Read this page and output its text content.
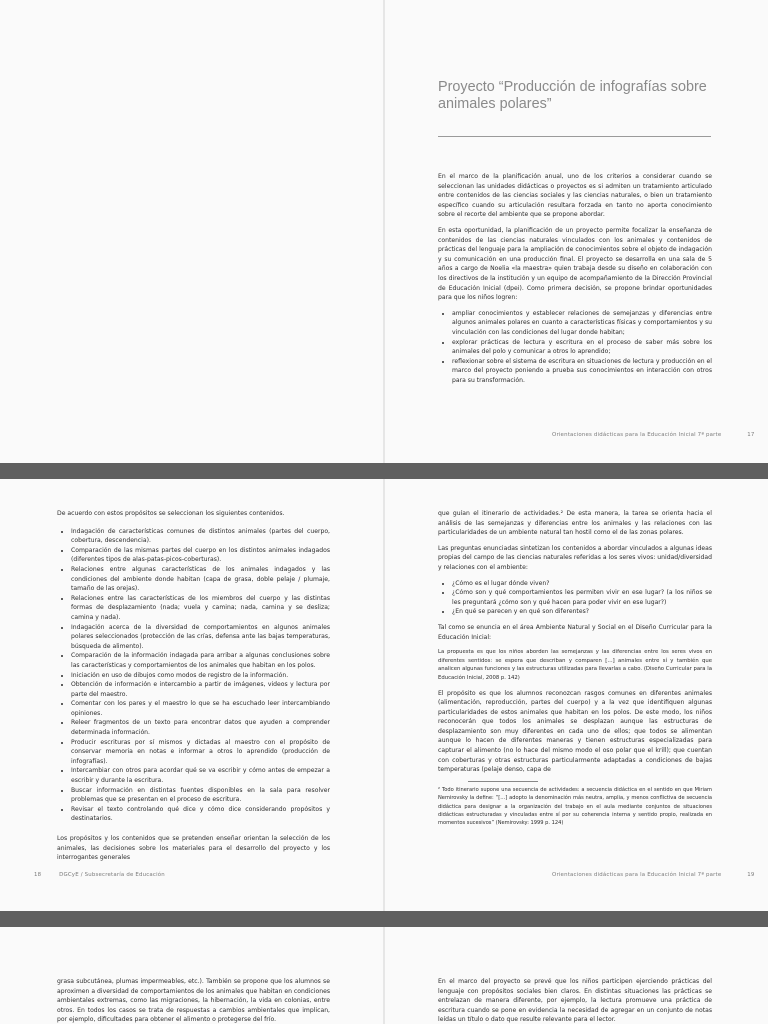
Proyecto “Producción de infografías sobre animales polares”

En el marco de la planificación anual, uno de los criterios a considerar cuando se seleccionan las unidades didácticas o proyectos es si admiten un tratamiento articulado entre contenidos de las ciencias sociales y las ciencias naturales, o bien un tratamiento específico cuando su articulación resultara forzada en tanto no aporta conocimiento sobre el recorte del ambiente que se propone abordar.

En esta oportunidad, la planificación de un proyecto permite focalizar la enseñanza de contenidos de las ciencias naturales vinculados con los animales y contenidos de prácticas del lenguaje para la ampliación de conocimientos sobre el objeto de indagación y su comunicación en una producción final. El proyecto se desarrolla en una sala de 5 años a cargo de Noelia «la maestra» quien trabaja desde su diseño en colaboración con los directivos de la institución y un equipo de acompañamiento de la Dirección Provincial de Educación Inicial (dpei). Como primera decisión, se propone brindar oportunidades para que los niños logren:

• ampliar conocimientos y establecer relaciones de semejanzas y diferencias entre algunos animales polares en cuanto a características físicas y comportamientos y su vinculación con las condiciones del lugar donde habitan;
• explorar prácticas de lectura y escritura en el proceso de saber más sobre los animales del polo y comunicar a otros lo aprendido;
• reflexionar sobre el sistema de escritura en situaciones de lectura y producción en el marco del proyecto poniendo a prueba sus conocimientos en interacción con otros para su transformación.
Orientaciones didácticas para la Educación Inicial 7ª parte	17

De acuerdo con estos propósitos se seleccionan los siguientes contenidos.

• Indagación de características comunes de distintos animales (partes del cuerpo, cobertura, descendencia).
• Comparación de las mismas partes del cuerpo en los distintos animales indagados (diferentes tipos de alas-patas-picos-coberturas).
• Relaciones entre algunas características de los animales indagados y las condiciones del ambiente donde habitan (capa de grasa, doble pelaje / plumaje, tamaño de las orejas).
• Relaciones entre las características de los miembros del cuerpo y las distintas formas de desplazamiento (nada; vuela y camina; nada, camina y se desliza; camina y nada).
• Indagación acerca de la diversidad de comportamientos en algunos animales polares seleccionados (protección de las crías, defensa ante las bajas temperaturas, búsqueda de alimento).
• Comparación de la información indagada para arribar a algunas conclusiones sobre las características y comportamientos de los animales que habitan en los polos.
• Iniciación en uso de dibujos como modos de registro de la información.
• Obtención de información e intercambio a partir de imágenes, videos y lectura por parte del maestro.
• Comentar con los pares y el maestro lo que se ha escuchado leer intercambiando opiniones.
• Releer fragmentos de un texto para encontrar datos que ayuden a comprender determinada información.
• Producir escrituras por sí mismos y dictadas al maestro con el propósito de conservar memoria en notas e informar a otros lo aprendido (producción de infografías).
• Intercambiar con otros para acordar qué se va escribir y cómo antes de empezar a escribir y durante la escritura.
• Buscar información en distintas fuentes disponibles en la sala para resolver problemas que se presentan en el proceso de escritura.
• Revisar el texto controlando qué dice y cómo dice considerando propósitos y destinatarios.

Los propósitos y los contenidos que se pretenden enseñar orientan la selección de los animales, las decisiones sobre los materiales para el desarrollo del proyecto y los interrogantes generales

18	DGCyE / Subsecretaría de Educación

que guían el itinerario de actividades.² De esta manera, la tarea se orienta hacia el análisis de las semejanzas y diferencias entre los animales y las relaciones con las particularidades de un ambiente natural tan hostil como el de las zonas polares.

Las preguntas enunciadas sintetizan los contenidos a abordar vinculados a algunas ideas propias del campo de las ciencias naturales referidas a los seres vivos: unidad/diversidad y relaciones con el ambiente:

• ¿Cómo es el lugar dónde viven?
• ¿Cómo son y qué comportamientos les permiten vivir en ese lugar? (a los niños se les preguntará ¿cómo son y qué hacen para poder vivir en ese lugar?)
• ¿En qué se parecen y en qué son diferentes?

Tal como se enuncia en el área Ambiente Natural y Social en el Diseño Curricular para la Educación Inicial:

La propuesta es que los niños aborden las semejanzas y las diferencias entre los seres vivos en diferentes sentidos: se espera que describan y comparen […] animales entre sí y también que analicen algunas funciones y las estructuras utilizadas para llevarlas a cabo. (Diseño Curricular para la Educación Inicial, 2008 p. 142)

El propósito es que los alumnos reconozcan rasgos comunes en diferentes animales (alimentación, reproducción, partes del cuerpo) y a la vez que identifiquen algunas particularidades de estos animales que habitan en los polos. De este modo, los niños reconocerán que todos los animales se desplazan aunque las estructuras de desplazamiento son muy diferentes en cada uno de ellos; que todos se alimentan aunque lo hacen de diferentes maneras y tienen estructuras especializadas para capturar el alimento (no lo hace del mismo modo el oso polar que el krill); que cuentan con coberturas y otras estructuras particularmente adaptadas a condiciones de bajas temperaturas (pelaje denso, capa de

² Todo itinerario supone una secuencia de actividades: a secuencia didáctica en el sentido en que Miriam Nemirovsky la define: “[…] adopto la denominación más neutra, amplia, y menos conflictiva de secuencia didáctica para designar a la organización del trabajo en el aula mediante conjuntos de situaciones didácticas estructuradas y vinculadas entre sí por su coherencia interna y sentido propio, realizada en momentos sucesivos” (Nemirovsky: 1999 p. 124)

Orientaciones didácticas para la Educación Inicial 7ª parte	19

grasa subcutánea, plumas impermeables, etc.). También se propone que los alumnos se aproximen a diversidad de comportamientos de los animales que habitan en condiciones ambientales extremas, como las migraciones, la hibernación, la vida en colonias, entre otros. En todos los casos se trata de respuestas a cambios ambientales que implican, por ejemplo, dificultades para obtener el alimento o protegerse del frío.

En el marco del proyecto se prevé que los niños participen ejerciendo prácticas del lenguaje con propósitos sociales bien claros. En distintas situaciones las prácticas se entrelazan de manera diferente, por ejemplo, la lectura promueve una práctica de escritura cuando se pone en evidencia la necesidad de agregar en un conjunto de notas leídas un título o dato que resulte relevante para el lector.
